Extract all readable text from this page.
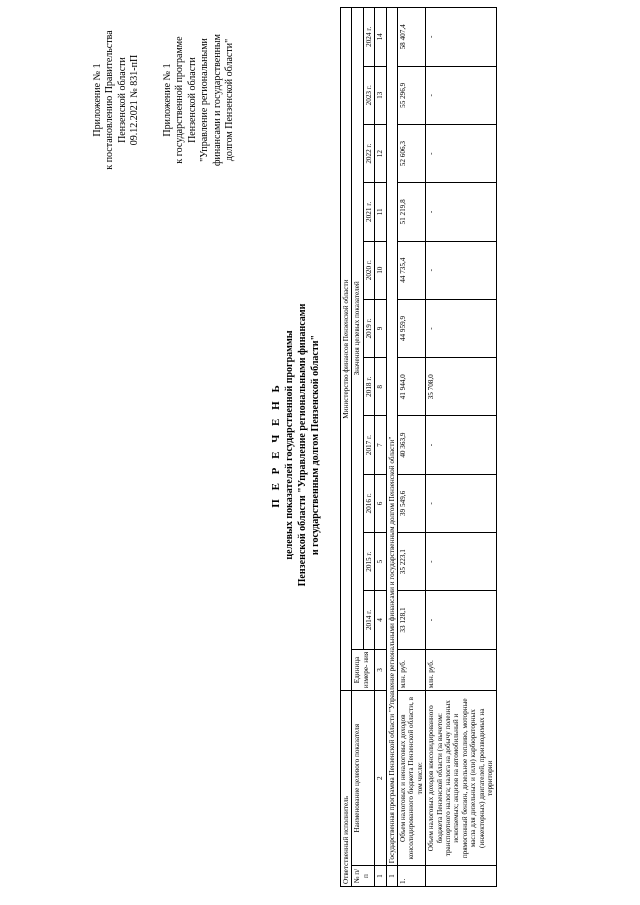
Приложение № 1 к постановлению Правительства Пензенской области 09.12.2021 № 831-пП Приложение № 1 к государственной программе Пензенской области "Управление региональными финансами и государственным долгом Пензенской области"
П Е Р Е Ч Е Н Ь целевых показателей государственной программы Пензенской области "Управление региональными финансами и государственным долгом Пензенской области"
Ответственный исполнитель		Министерство финансов Пензенской области											
№ п/п	Наименование целевого показателя	Единица измере- ния	Значения целевых показателей										
			2014 г.	2015 г.	2016 г.	2017 г.	2018 г.	2019 г.	2020 г.	2021 г.	2022 г.	2023 г.	2024 г.
1	2	3	4	5	6	7	8	9	10	11	12	13	14
1	Государственная программа Пензенской области "Управление региональными финансами и государственным долгом Пензенской области"												
1.	Объем налоговых и неналоговых доходов консолидированного бюджета Пензенской области, в том числе:	млн. руб.	33 128,1	35 223,1	39 549,6	40 363,9	41 944,0	44 959,9	44 735,4	51 219,8	52 606,3	55 296,9	58 407,4
	Объем налоговых доходов консолидированного бюджета Пензенской области (за вычетом: транспортного налога; налога на добычу полезных ископаемых; акцизов на автомобильный и прямогонный бензин, дизельное топливо, моторные масла для дизельных и (или) карбюраторных (инжекторных) двигателей, производимых на территории	млн. руб.	-	-	-	-	35 708,0	-	-	-	-	-	-
